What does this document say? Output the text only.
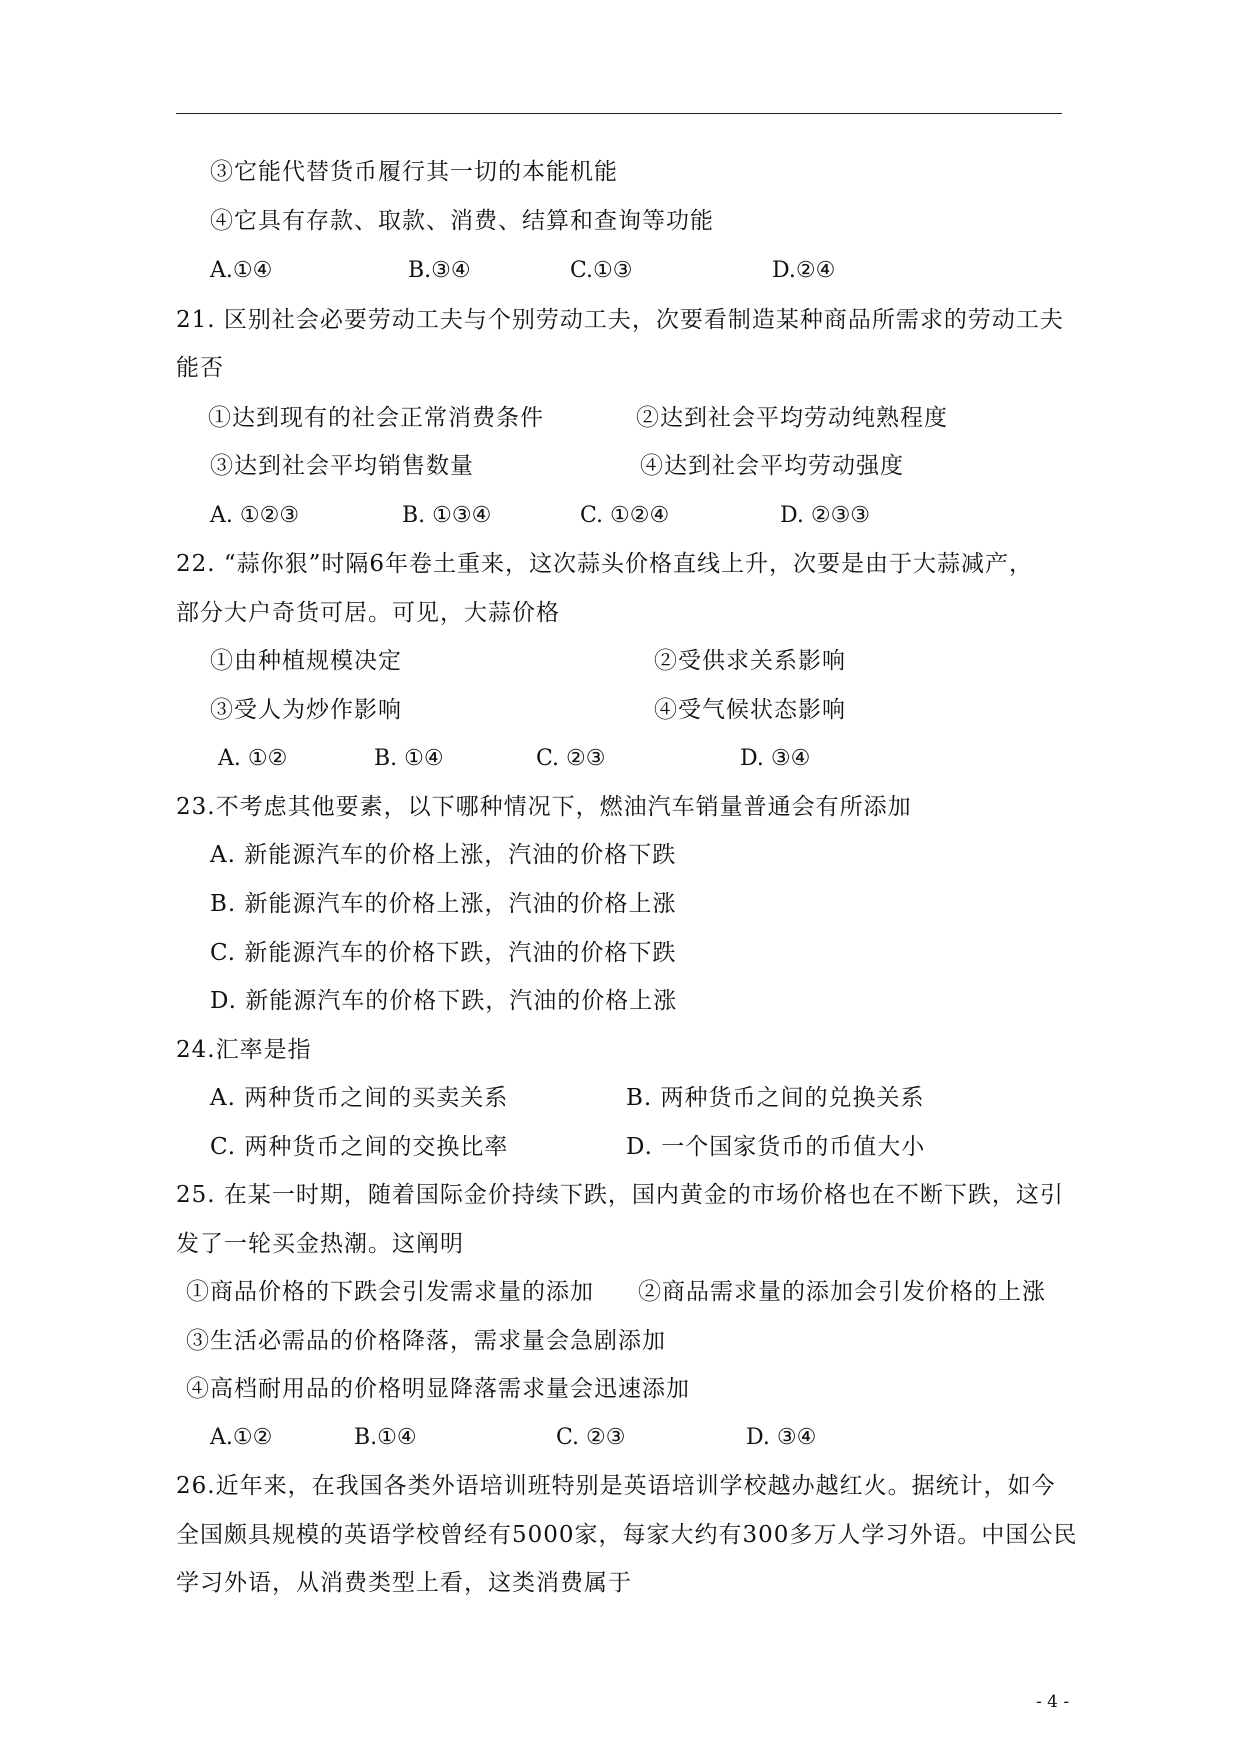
③它能代替货币履行其一切的本能机能
④它具有存款、取款、消费、结算和查询等功能
A.①④	B.③④	C.①③	D.②④
21. 区别社会必要劳动工夫与个别劳动工夫，次要看制造某种商品所需求的劳动工夫
能否
①达到现有的社会正常消费条件	②达到社会平均劳动纯熟程度
③达到社会平均销售数量	④达到社会平均劳动强度
A. ①②③	B. ①③④	C. ①②④	D. ②③③
22. “蒜你狠”时隔6年卷土重来，这次蒜头价格直线上升，次要是由于大蒜减产，
部分大户奇货可居。可见，大蒜价格
①由种植规模决定	②受供求关系影响
③受人为炒作影响	④受气候状态影响
A. ①②	B. ①④	C. ②③	D. ③④
23.不考虑其他要素，以下哪种情况下，燃油汽车销量普通会有所添加
A. 新能源汽车的价格上涨，汽油的价格下跌
B. 新能源汽车的价格上涨，汽油的价格上涨
C. 新能源汽车的价格下跌，汽油的价格下跌
D. 新能源汽车的价格下跌，汽油的价格上涨
24.汇率是指
A. 两种货币之间的买卖关系	B. 两种货币之间的兑换关系
C. 两种货币之间的交换比率	D. 一个国家货币的币值大小
25. 在某一时期，随着国际金价持续下跌，国内黄金的市场价格也在不断下跌，这引
发了一轮买金热潮。这阐明
①商品价格的下跌会引发需求量的添加 ②商品需求量的添加会引发价格的上涨
③生活必需品的价格降落，需求量会急剧添加
④高档耐用品的价格明显降落需求量会迅速添加
A.①②	B.①④	C. ②③	D. ③④
26.近年来，在我国各类外语培训班特别是英语培训学校越办越红火。据统计，如今
全国颇具规模的英语学校曾经有5000家，每家大约有300多万人学习外语。中国公民
学习外语，从消费类型上看，这类消费属于
- 4 -
